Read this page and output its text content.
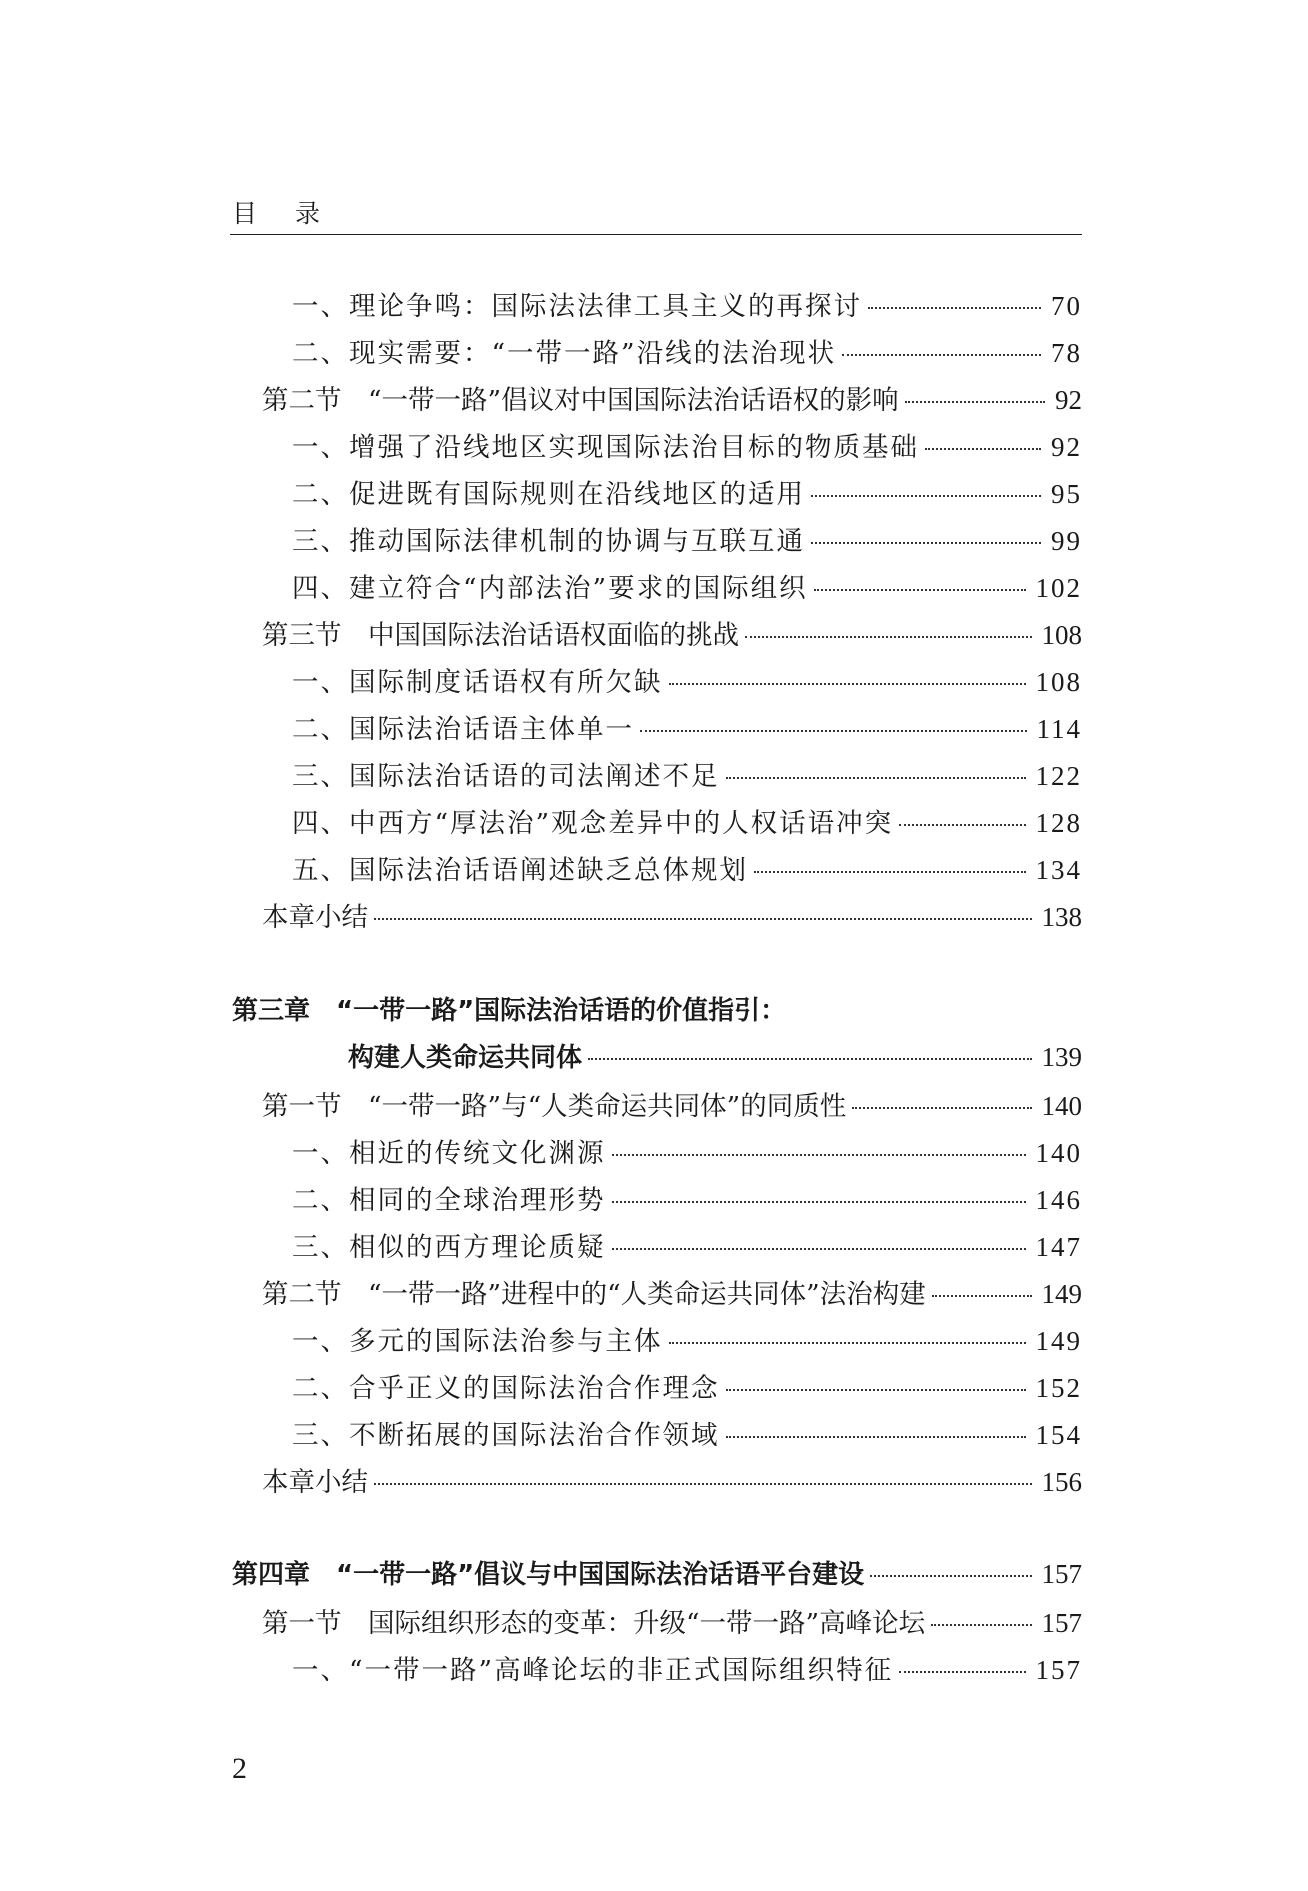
目 录
一、理论争鸣：国际法法律工具主义的再探讨	70
二、现实需要：“一带一路”沿线的法治现状	78
第二节　“一带一路”倡议对中国国际法治话语权的影响	92
一、增强了沿线地区实现国际法治目标的物质基础	92
二、促进既有国际规则在沿线地区的适用	95
三、推动国际法律机制的协调与互联互通	99
四、建立符合“内部法治”要求的国际组织	102
第三节　中国国际法治话语权面临的挑战	108
一、国际制度话语权有所欠缺	108
二、国际法治话语主体单一	114
三、国际法治话语的司法阐述不足	122
四、中西方“厚法治”观念差异中的人权话语冲突	128
五、国际法治话语阐述缺乏总体规划	134
本章小结	138
第三章　“一带一路”国际法治话语的价值指引：
构建人类命运共同体	139
第一节　“一带一路”与“人类命运共同体”的同质性	140
一、相近的传统文化渊源	140
二、相同的全球治理形势	146
三、相似的西方理论质疑	147
第二节　“一带一路”进程中的“人类命运共同体”法治构建	149
一、多元的国际法治参与主体	149
二、合乎正义的国际法治合作理念	152
三、不断拓展的国际法治合作领域	154
本章小结	156
第四章　“一带一路”倡议与中国国际法治话语平台建设	157
第一节　国际组织形态的变革：升级“一带一路”高峰论坛	157
一、“一带一路”高峰论坛的非正式国际组织特征	157
2
